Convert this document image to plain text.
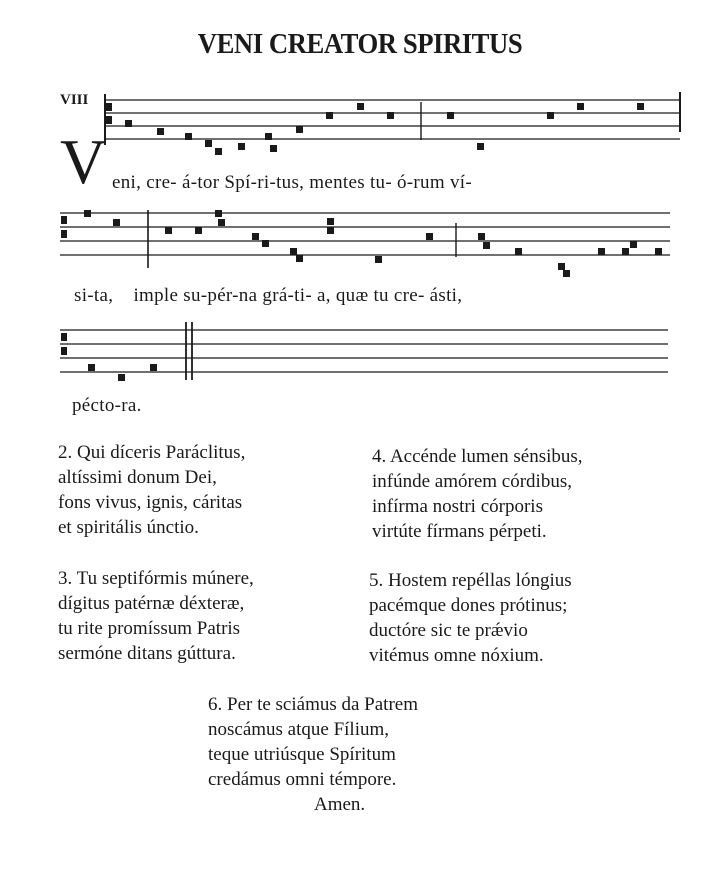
VENI CREATOR SPIRITUS
VIII
V eni, cre- á-tor Spí-ri-tus, mentes tu- ó-rum ví-
si-ta,    imple su-pér-na grá-ti- a, quæ tu cre- ásti,
pécto-ra.
2. Qui díceris Paráclitus,
altíssimi donum Dei,
fons vivus, ignis, cáritas
et spiritális únctio.
4. Accénde lumen sénsibus,
infúnde amórem córdibus,
infírma nostri córporis
virtúte fírmans pérpeti.
3. Tu septifórmis múnere,
dígitus patérnæ déxteræ,
tu rite promíssum Patris
sermóne ditans gúttura.
5. Hostem repéllas lóngius
pacémque dones prótinus;
ductóre sic te prǽvio
vitémus omne nóxium.
6. Per te sciámus da Patrem
noscámus atque Fílium,
teque utriúsque Spíritum
credámus omni témpore.
Amen.
